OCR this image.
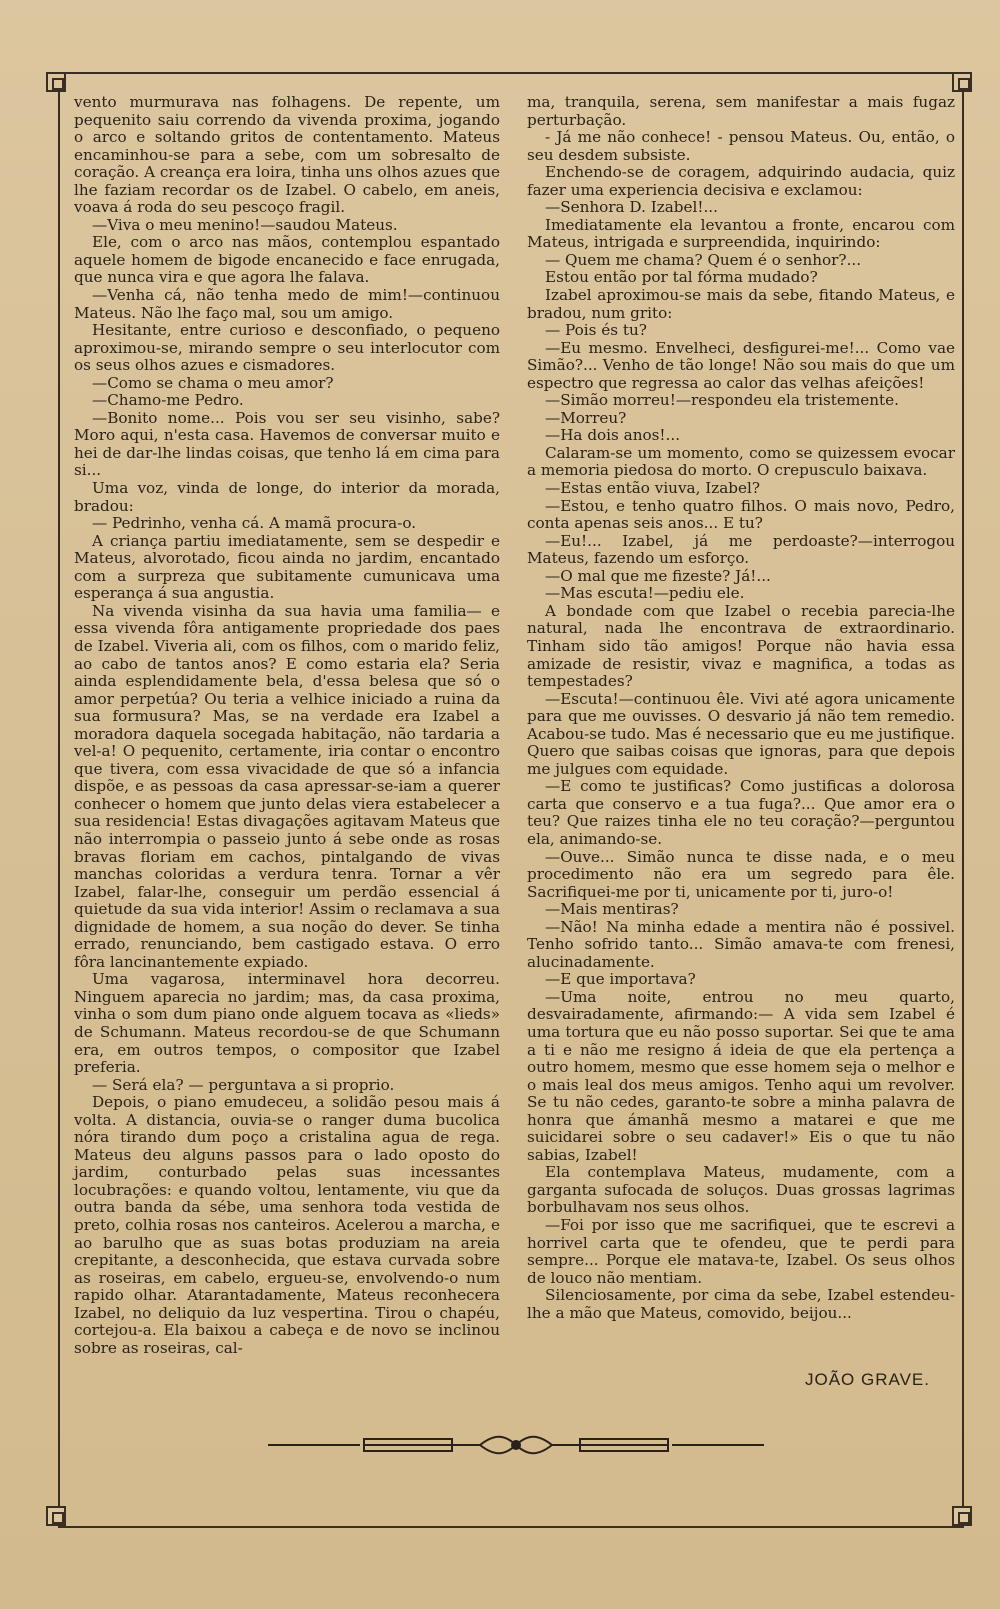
vento murmurava nas folhagens. De repente, um pequenito saiu correndo da vivenda proxima, jogando o arco e soltando gritos de contentamento. Mateus encaminhou-se para a sebe, com um sobresalto de coração. A creança era loira, tinha uns olhos azues que lhe faziam recordar os de Izabel. O cabelo, em aneis, voava á roda do seu pescoço fragil.

—Viva o meu menino!—saudou Mateus.

Ele, com o arco nas mãos, contemplou espantado aquele homem de bigode encanecido e face enrugada, que nunca vira e que agora lhe falava.

—Venha cá, não tenha medo de mim!—continuou Mateus. Não lhe faço mal, sou um amigo.

Hesitante, entre curioso e desconfiado, o pequeno aproximou-se, mirando sempre o seu interlocutor com os seus olhos azues e cismadores.

—Como se chama o meu amor?

—Chamo-me Pedro.

—Bonito nome... Pois vou ser seu visinho, sabe? Moro aqui, n'esta casa. Havemos de conversar muito e hei de dar-lhe lindas coisas, que tenho lá em cima para si...

Uma voz, vinda de longe, do interior da morada, bradou:

— Pedrinho, venha cá. A mamã procura-o.

A criança partiu imediatamente, sem se despedir e Mateus, alvorotado, ficou ainda no jardim, encantado com a surpreza que subitamente cumunicava uma esperança á sua angustia.

Na vivenda visinha da sua havia uma familia— e essa vivenda fôra antigamente propriedade dos paes de Izabel. Viveria ali, com os filhos, com o marido feliz, ao cabo de tantos anos? E como estaria ela? Seria ainda esplendidamente bela, d'essa belesa que só o amor perpetúa? Ou teria a velhice iniciado a ruina da sua formusura? Mas, se na verdade era Izabel a moradora daquela socegada habitação, não tardaria a vel-a! O pequenito, certamente, iria contar o encontro que tivera, com essa vivacidade de que só a infancia dispõe, e as pessoas da casa apressar-se-iam a querer conhecer o homem que junto delas viera estabelecer a sua residencia! Estas divagações agitavam Mateus que não interrompia o passeio junto á sebe onde as rosas bravas floriam em cachos, pintalgando de vivas manchas coloridas a verdura tenra. Tornar a vêr Izabel, falar-lhe, conseguir um perdão essencial á quietude da sua vida interior! Assim o reclamava a sua dignidade de homem, a sua noção do dever. Se tinha errado, renunciando, bem castigado estava. O erro fôra lancinantemente expiado.

Uma vagarosa, interminavel hora decorreu. Ninguem aparecia no jardim; mas, da casa proxima, vinha o som dum piano onde alguem tocava as «lieds» de Schumann. Mateus recordou-se de que Schumann era, em outros tempos, o compositor que Izabel preferia.

— Será ela? — perguntava a si proprio.

Depois, o piano emudeceu, a solidão pesou mais á volta. A distancia, ouvia-se o ranger duma bucolica nóra tirando dum poço a cristalina agua de rega. Mateus deu alguns passos para o lado oposto do jardim, conturbado pelas suas incessantes locubrações: e quando voltou, lentamente, viu que da outra banda da sébe, uma senhora toda vestida de preto, colhia rosas nos canteiros. Acelerou a marcha, e ao barulho que as suas botas produziam na areia crepitante, a desconhecida, que estava curvada sobre as roseiras, em cabelo, ergueu-se, envolvendo-o num rapido olhar. Atarantadamente, Mateus reconhecera Izabel, no deliquio da luz vespertina. Tirou o chapéu, cortejou-a. Ela baixou a cabeça e de novo se inclinou sobre as roseiras, cal-

ma, tranquila, serena, sem manifestar a mais fugaz perturbação.

- Já me não conhece! - pensou Mateus. Ou, então, o seu desdem subsiste.

Enchendo-se de coragem, adquirindo audacia, quiz fazer uma experiencia decisiva e exclamou:

—Senhora D. Izabel!...

Imediatamente ela levantou a fronte, encarou com Mateus, intrigada e surpreendida, inquirindo:

— Quem me chama? Quem é o senhor?...

Estou então por tal fórma mudado?

Izabel aproximou-se mais da sebe, fitando Mateus, e bradou, num grito:

— Pois és tu?

—Eu mesmo. Envelheci, desfigurei-me!... Como vae Simão?... Venho de tão longe! Não sou mais do que um espectro que regressa ao calor das velhas afeições!

—Simão morreu!—respondeu ela tristemente.

—Morreu?

—Ha dois anos!...

Calaram-se um momento, como se quizessem evocar a memoria piedosa do morto. O crepusculo baixava.

—Estas então viuva, Izabel?

—Estou, e tenho quatro filhos. O mais novo, Pedro, conta apenas seis anos... E tu?

—Eu!... Izabel, já me perdoaste?—interrogou Mateus, fazendo um esforço.

—O mal que me fizeste? Já!...

—Mas escuta!—pediu ele.

A bondade com que Izabel o recebia parecia-lhe natural, nada lhe encontrava de extraordinario. Tinham sido tão amigos! Porque não havia essa amizade de resistir, vivaz e magnifica, a todas as tempestades?

—Escuta!—continuou êle. Vivi até agora unicamente para que me ouvisses. O desvario já não tem remedio. Acabou-se tudo. Mas é necessario que eu me justifique. Quero que saibas coisas que ignoras, para que depois me julgues com equidade.

—E como te justificas? Como justificas a dolorosa carta que conservo e a tua fuga?... Que amor era o teu? Que raizes tinha ele no teu coração?—perguntou ela, animando-se.

—Ouve... Simão nunca te disse nada, e o meu procedimento não era um segredo para êle. Sacrifiquei-me por ti, unicamente por ti, juro-o!

—Mais mentiras?

—Não! Na minha edade a mentira não é possivel. Tenho sofrido tanto... Simão amava-te com frenesi, alucinadamente.

—E que importava?

—Uma noite, entrou no meu quarto, desvairadamente, afirmando:— A vida sem Izabel é uma tortura que eu não posso suportar. Sei que te ama a ti e não me resigno á ideia de que ela pertença a outro homem, mesmo que esse homem seja o melhor e o mais leal dos meus amigos. Tenho aqui um revolver. Se tu não cedes, garanto-te sobre a minha palavra de honra que ámanhã mesmo a matarei e que me suicidarei sobre o seu cadaver!» Eis o que tu não sabias, Izabel!

Ela contemplava Mateus, mudamente, com a garganta sufocada de soluços. Duas grossas lagrimas borbulhavam nos seus olhos.

—Foi por isso que me sacrifiquei, que te escrevi a horrivel carta que te ofendeu, que te perdi para sempre... Porque ele matava-te, Izabel. Os seus olhos de louco não mentiam.

Silenciosamente, por cima da sebe, Izabel estendeu-lhe a mão que Mateus, comovido, beijou...

JOÃO GRAVE.
